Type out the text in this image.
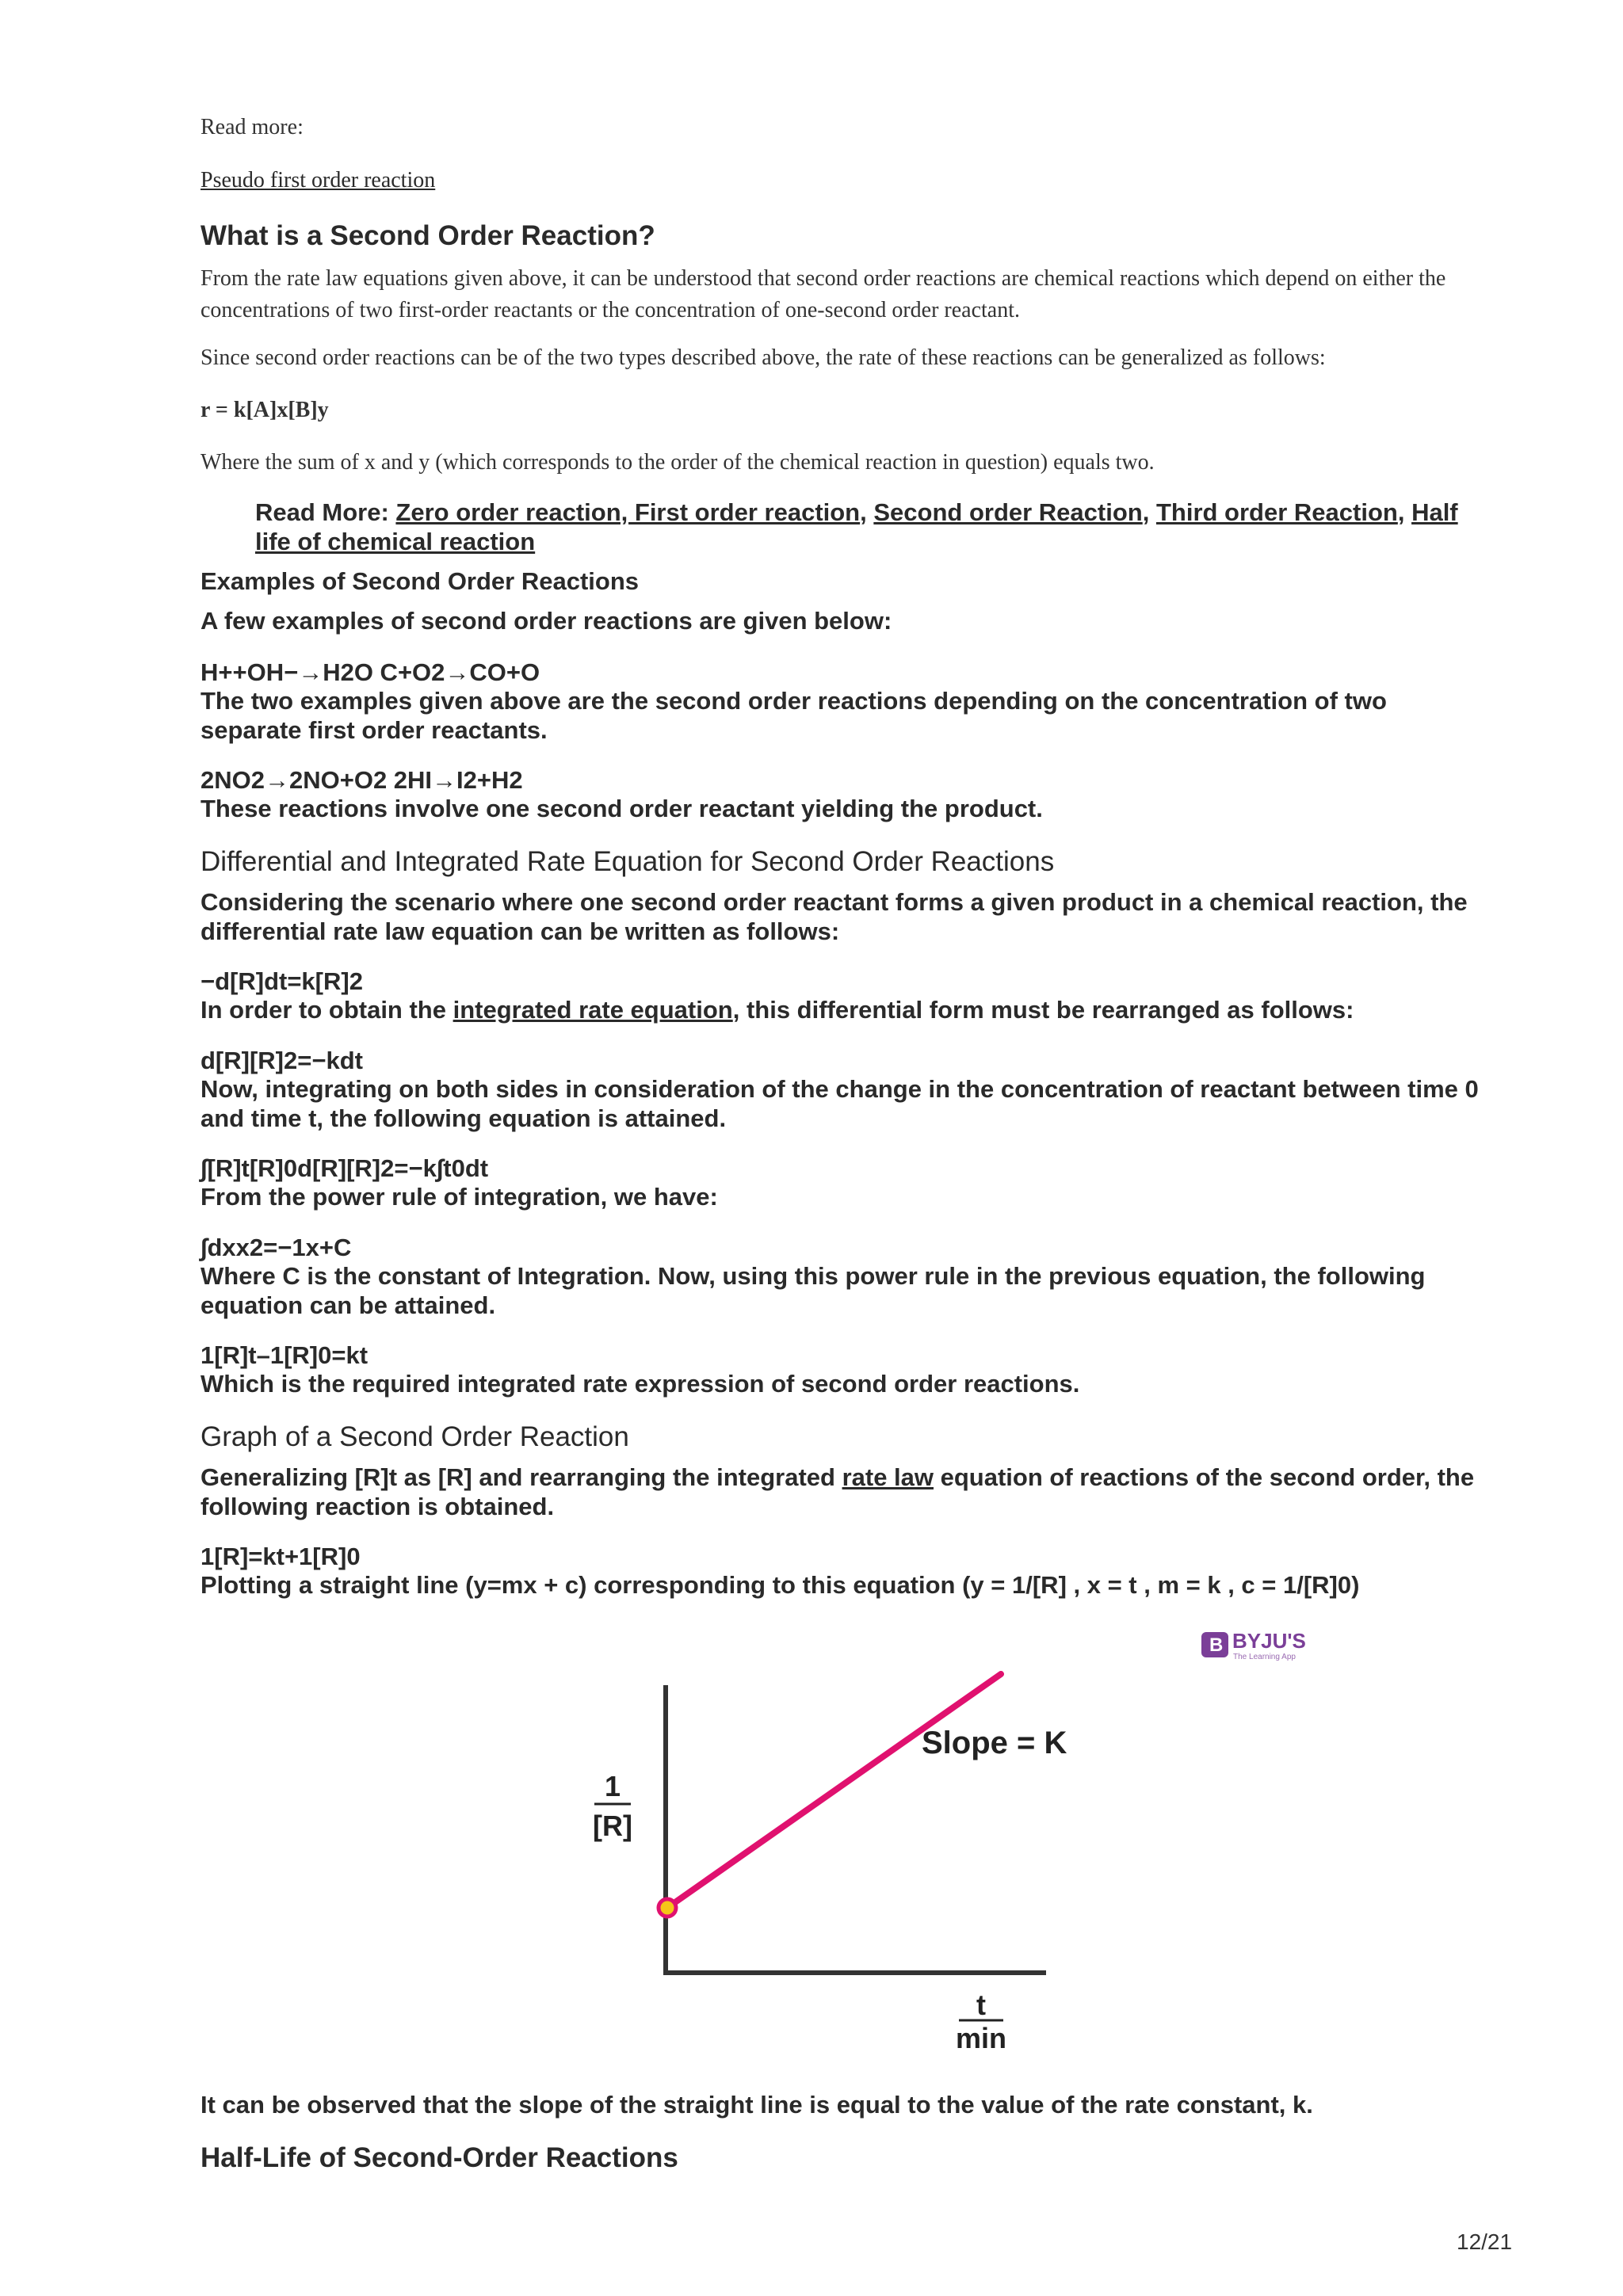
Read more:
Pseudo first order reaction
What is a Second Order Reaction?
From the rate law equations given above, it can be understood that second order reactions are chemical reactions which depend on either the concentrations of two first-order reactants or the concentration of one-second order reactant.
Since second order reactions can be of the two types described above, the rate of these reactions can be generalized as follows:
r = k[A]x[B]y
Where the sum of x and y (which corresponds to the order of the chemical reaction in question) equals two.
Read More: Zero order reaction, First order reaction, Second order Reaction, Third order Reaction, Half life of chemical reaction
Examples of Second Order Reactions
A few examples of second order reactions are given below:
H++OH−→H2O C+O2→CO+O
The two examples given above are the second order reactions depending on the concentration of two separate first order reactants.
2NO2→2NO+O2 2HI→I2+H2
These reactions involve one second order reactant yielding the product.
Differential and Integrated Rate Equation for Second Order Reactions
Considering the scenario where one second order reactant forms a given product in a chemical reaction, the differential rate law equation can be written as follows:
−d[R]dt=k[R]2
In order to obtain the integrated rate equation, this differential form must be rearranged as follows:
d[R][R]2=−kdt
Now, integrating on both sides in consideration of the change in the concentration of reactant between time 0 and time t, the following equation is attained.
∫[R]t[R]0d[R][R]2=−k∫t0dt
From the power rule of integration, we have:
∫dxx2=−1x+C
Where C is the constant of Integration. Now, using this power rule in the previous equation, the following equation can be attained.
1[R]t–1[R]0=kt
Which is the required integrated rate expression of second order reactions.
Graph of a Second Order Reaction
Generalizing [R]t as [R] and rearranging the integrated rate law equation of reactions of the second order, the following reaction is obtained.
1[R]=kt+1[R]0
Plotting a straight line (y=mx + c) corresponding to this equation (y = 1/[R] , x = t , m = k , c = 1/[R]0)
B BYJU'S
The Learning App
Slope = K
1
[R]
t
min
It can be observed that the slope of the straight line is equal to the value of the rate constant, k.
Half-Life of Second-Order Reactions
12/21
